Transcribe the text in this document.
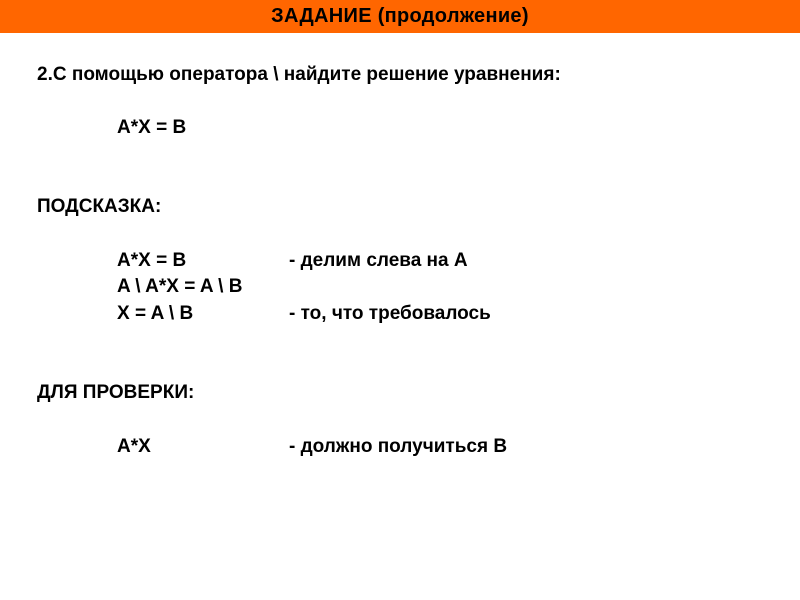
ЗАДАНИЕ (продолжение)
2.С помощью оператора \ найдите решение уравнения:
A*X = B
ПОДСКАЗКА:
A*X = B	- делим слева на A
A \ A*X = A \ B
X = A \ B	- то, что требовалось
ДЛЯ ПРОВЕРКИ:
A*X	- должно получиться B
